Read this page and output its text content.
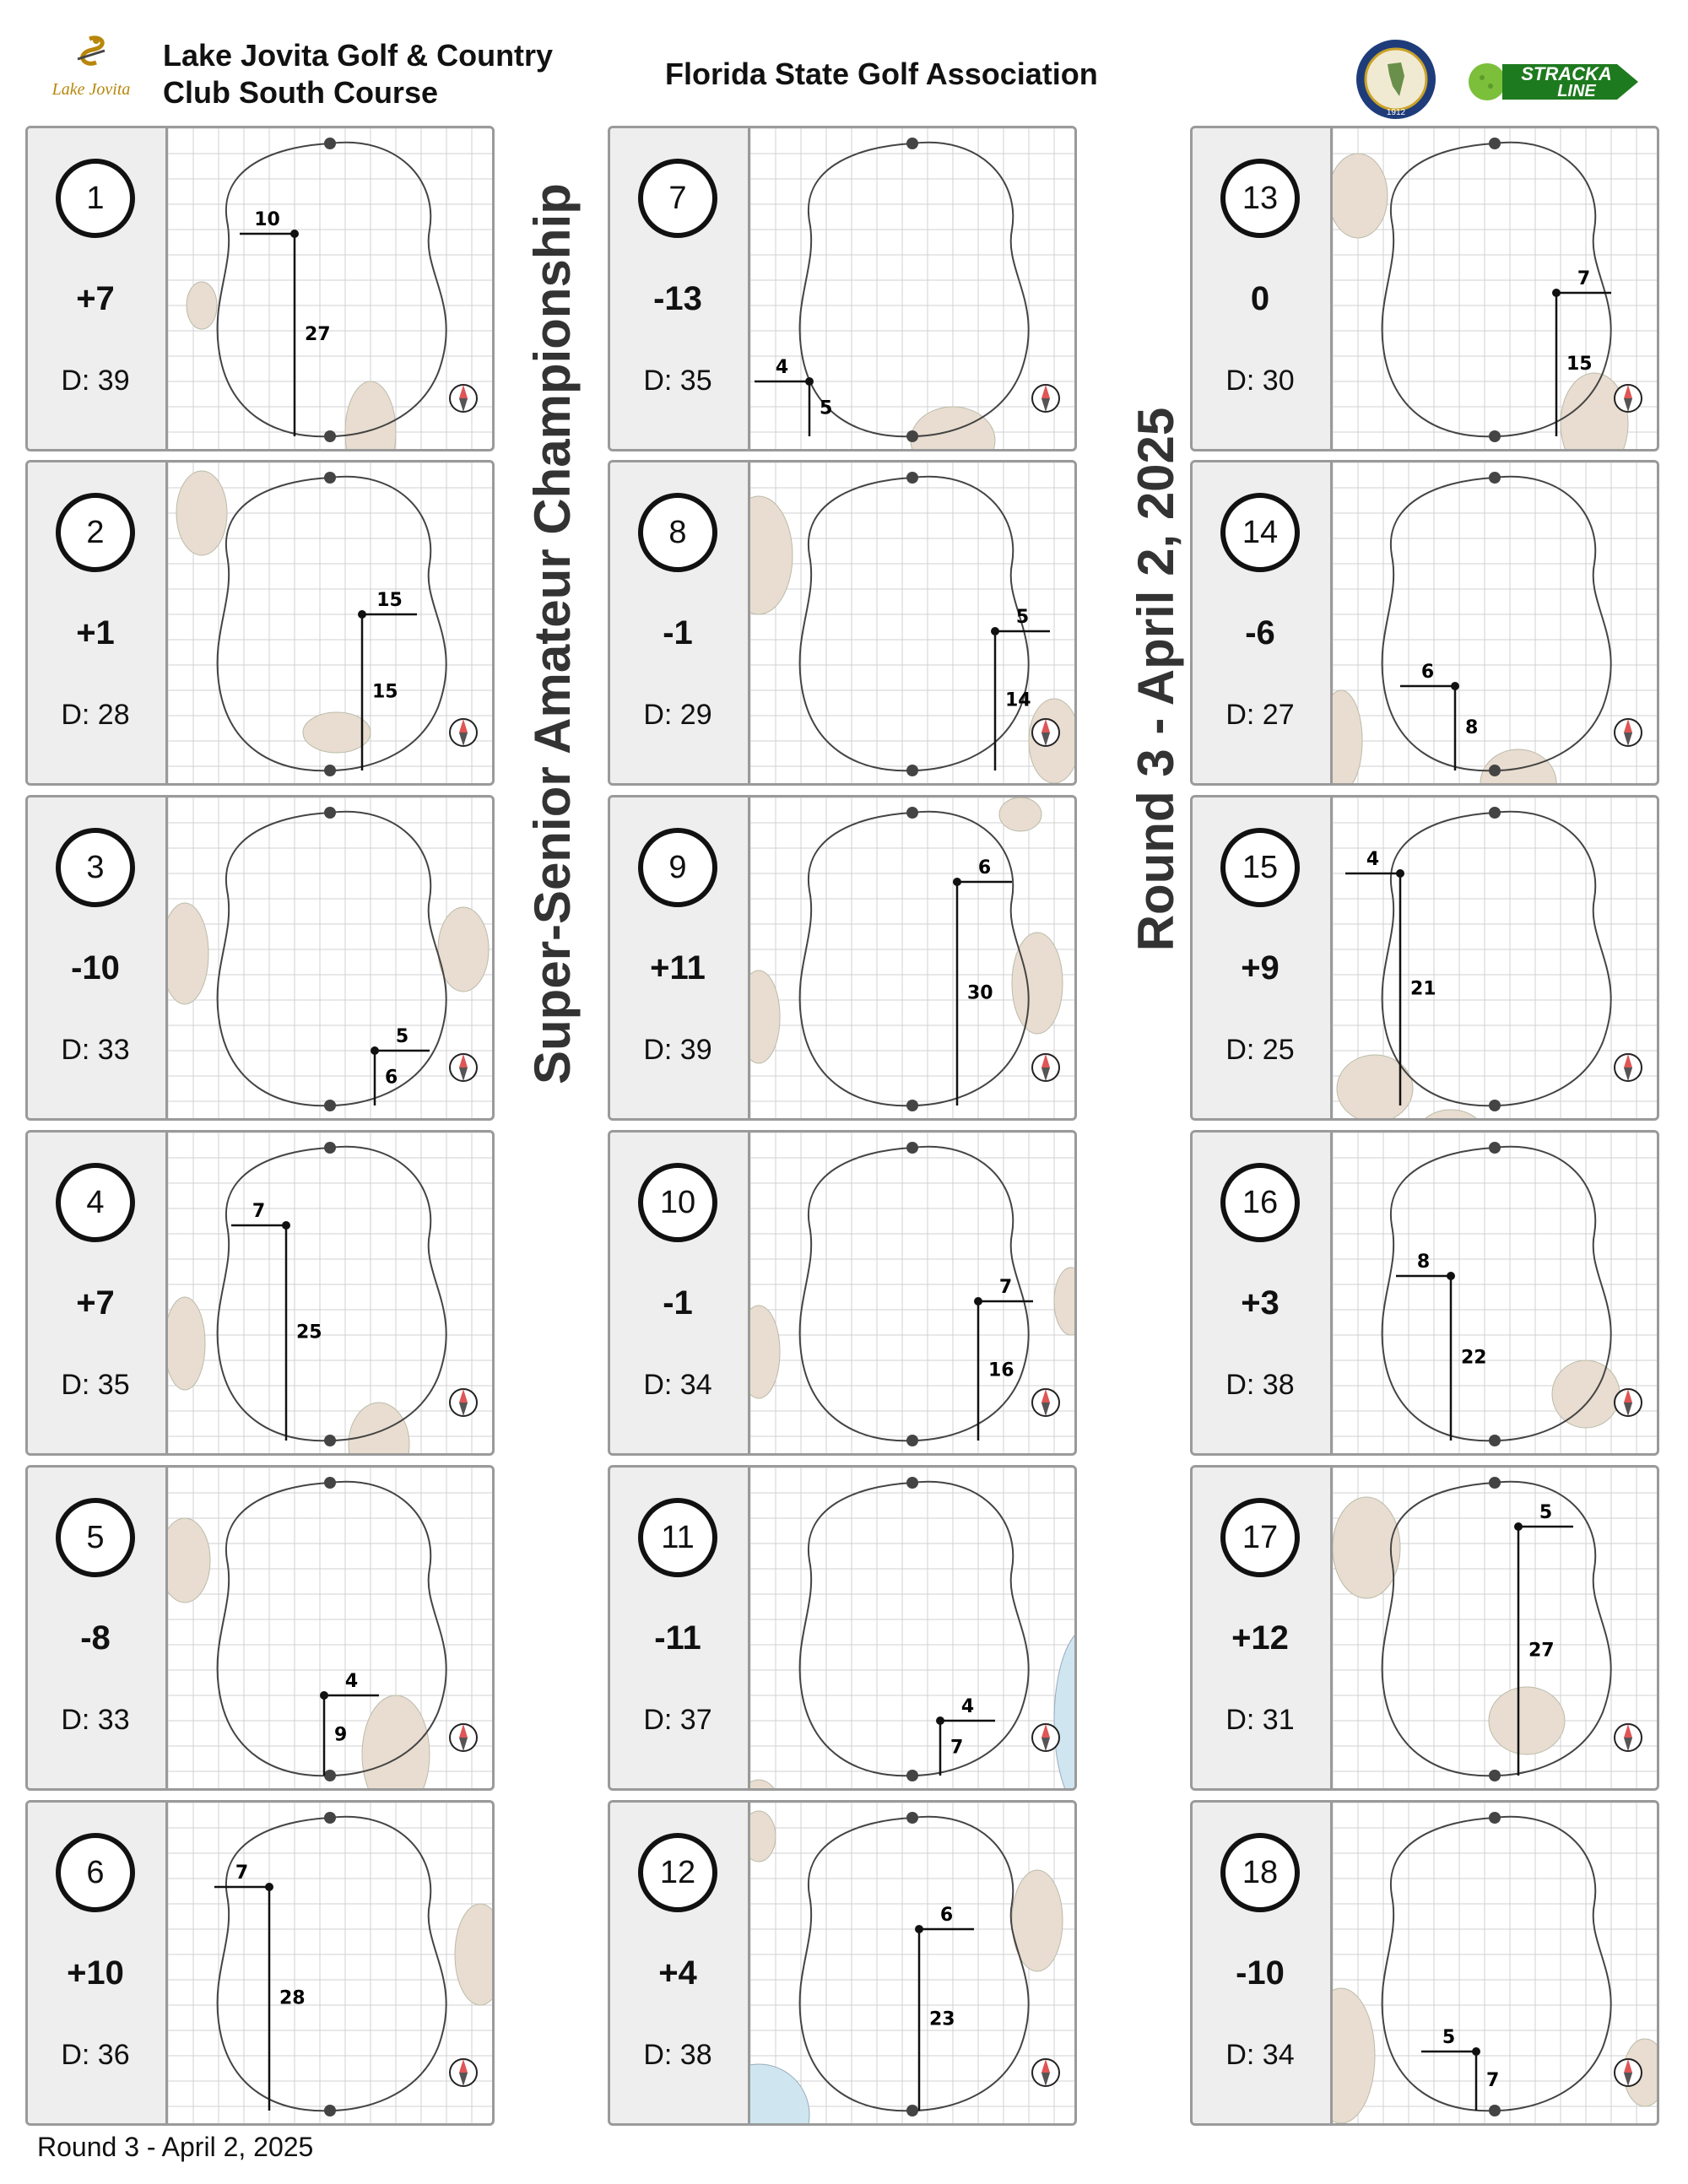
Lake Jovita
Lake Jovita Golf & Country
Club South Course
Florida State Golf Association
1912
STRACKA
LINE
Super-Senior Amateur Championship	Round 3 - April 2, 2025
1
+7
D: 39
10
27
2
+1
D: 28
15
15
3
-10
D: 33	5
6
4
+7
D: 35
7
25
5
-8
D: 33
4
9
6
+10
D: 36
7
28
7
-13
D: 35	4
5
8
-1
D: 29
5
14
9
+11
D: 39
6
30
10
-1
D: 34
7
16
11
-11
D: 37	4
7
12
+4
D: 38
6
23
13
0
D: 30
7
15
14
-6
D: 27
6
8
15
+9
D: 25
4
21
16
+3
D: 38
8
22
17
+12
D: 31
5
27
18
-10
D: 34
5
7
Round 3 - April 2, 2025
